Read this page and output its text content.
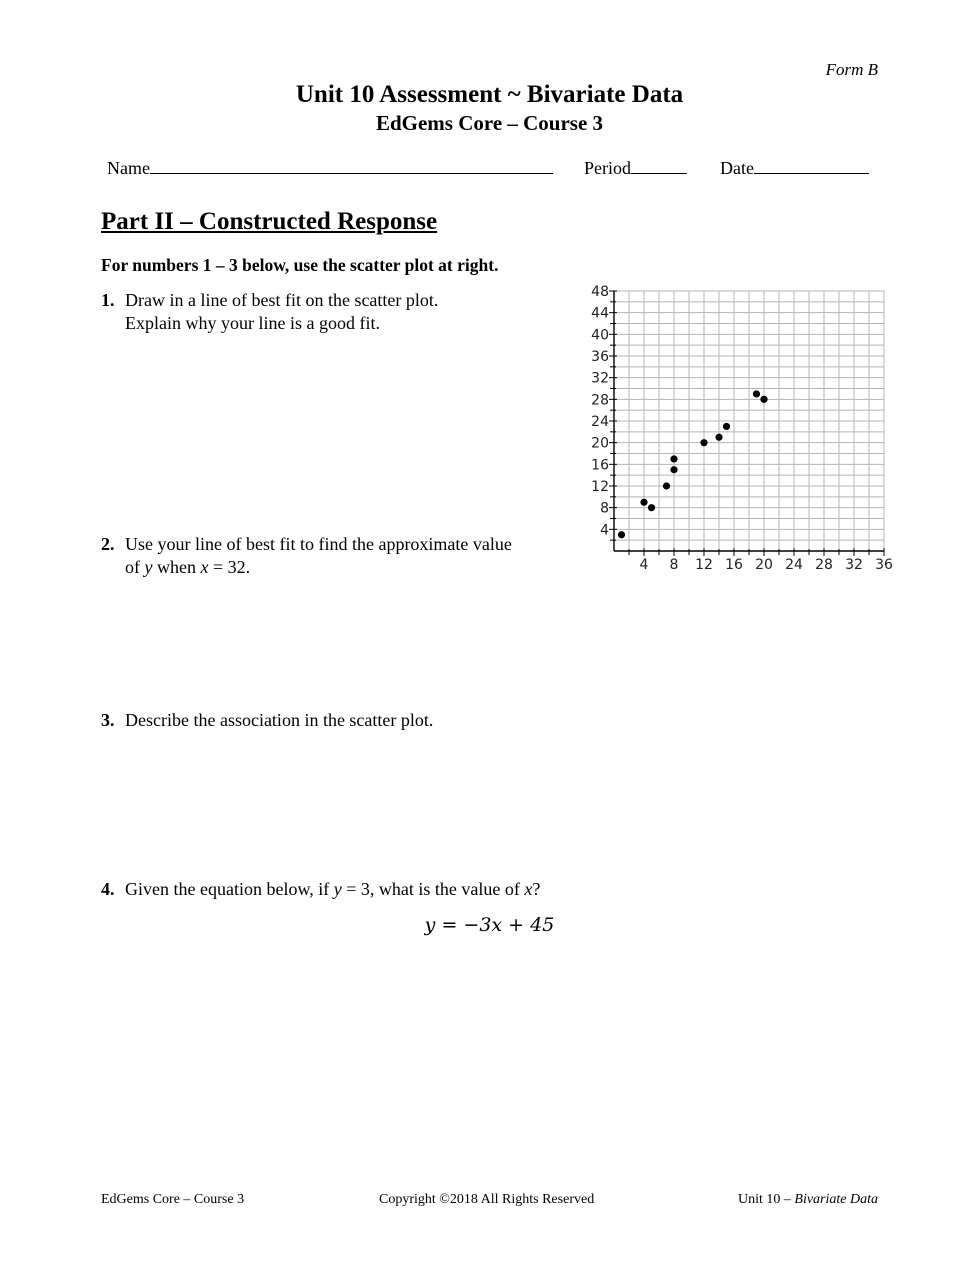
Form B
Unit 10 Assessment ~ Bivariate Data
EdGems Core – Course 3
Name	Period	Date
Part II – Constructed Response
For numbers 1 – 3 below, use the scatter plot at right.
1. Draw in a line of best fit on the scatter plot.
Explain why your line is a good fit.
2. Use your line of best fit to find the approximate value
of y when x = 32.
3. Describe the association in the scatter plot.
4. Given the equation below, if y = 3, what is the value of x?
y = −3x + 45
4 8 12 16 20 24 28 32 36
4
8
12
16
20
24
28
32
36
40
44
48
EdGems Core – Course 3	Copyright ©2018 All Rights Reserved	Unit 10 – Bivariate Data
